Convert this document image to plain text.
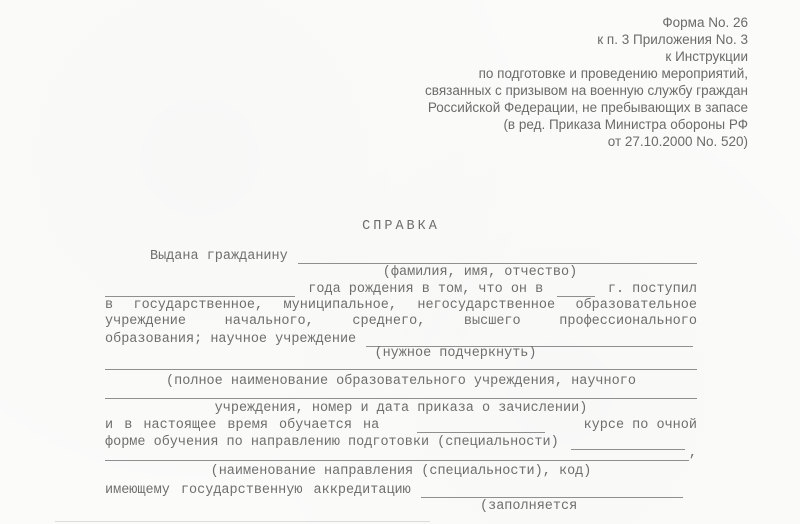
Форма No. 26
к п. 3 Приложения No. 3
к Инструкции
по подготовке и проведению мероприятий,
связанных с призывом на военную службу граждан
Российской Федерации, не пребывающих в запасе
(в ред. Приказа Министра обороны РФ
от 27.10.2000 No. 520)
СПРАВКА
Выдана гражданину
(фамилия, имя, отчество)
года рождения в том, что он в	г. поступил
в государственное, муниципальное, негосударственное образовательное
учреждение начального, среднего, высшего профессионального
образования; научное учреждение
(нужное подчеркнуть)
(полное наименование образовательного учреждения, научного
учреждения, номер и дата приказа о зачислении)
и в настоящее время обучается на	курсе по очной
форме обучения по направлению подготовки (специальности)
,
(наименование направления (специальности), код)
имеющему государственную аккредитацию
(заполняется
